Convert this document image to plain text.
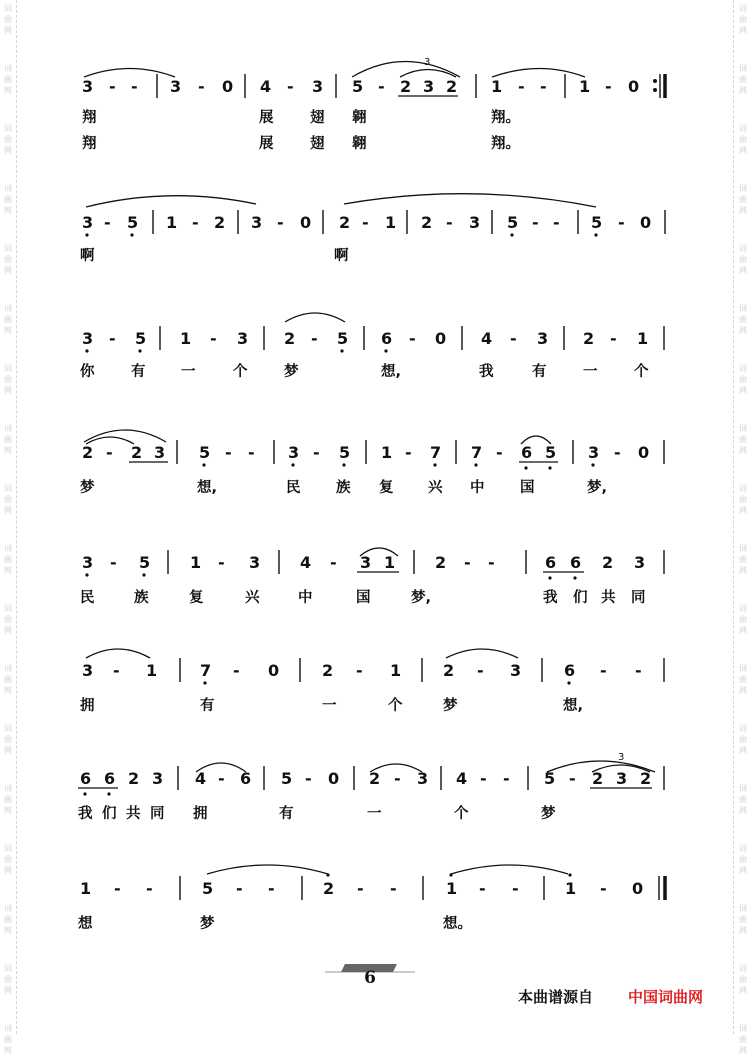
词
曲
网
词
曲
网
词
曲
网
词
曲
网
词
曲
网
词
曲
网
词
曲
网
词
曲
网
词
曲
网
词
曲
网
词
曲
网
词
曲
网
词
曲
网
词
曲
网
词
曲
网
词
曲
网
词
曲
网
词
曲
网
词
曲
网
词
曲
网
词
曲
网
词
曲
网
词
曲
网
词
曲
网
词
曲
网
词
曲
网
词
曲
网
词
曲
网
词
曲
网
词
曲
网
词
曲
网
词
曲
网
词
曲
网
词
曲
网
词
曲
网
词
曲
网
3
3 - - 3 - 0 4 - 3 5 - 2 3 2 1 - - 1 - 0
翔	展	翅 翱	翔。
翔	展	翅 翱	翔。
3 - 5 1 - 2 3 - 0 2 - 1 2 - 3 5 - - 5 - 0
啊	啊
3 - 5 1 - 3 2 - 5 6 - 0 4 - 3 2 - 1
你	有 一	个	梦	想,	我	有	一	个
2 - 2 3 5 - - 3 - 5 1 - 7 7 - 6 5 3 - 0
梦	想,	民 族 复 兴 中 国	梦,
3 - 5 1 - 3 4 - 3 1 2 - -	6 6 2 3
民	族	复	兴	中	国	梦,	我 们 共 同
3 - 1	7 - 0	2 - 1	2 - 3	6 - -
拥	有	一	个	梦	想,
3
6 6 2 3 4 - 6 5 - 0 2 - 3 4 - - 5 - 2 3 2
我 们 共 同 拥	有	一	个	梦
1 - -	5 - -	2 - -	1 - -	1 - 0
想	梦	想。
6
本曲谱源自 中国词曲网
